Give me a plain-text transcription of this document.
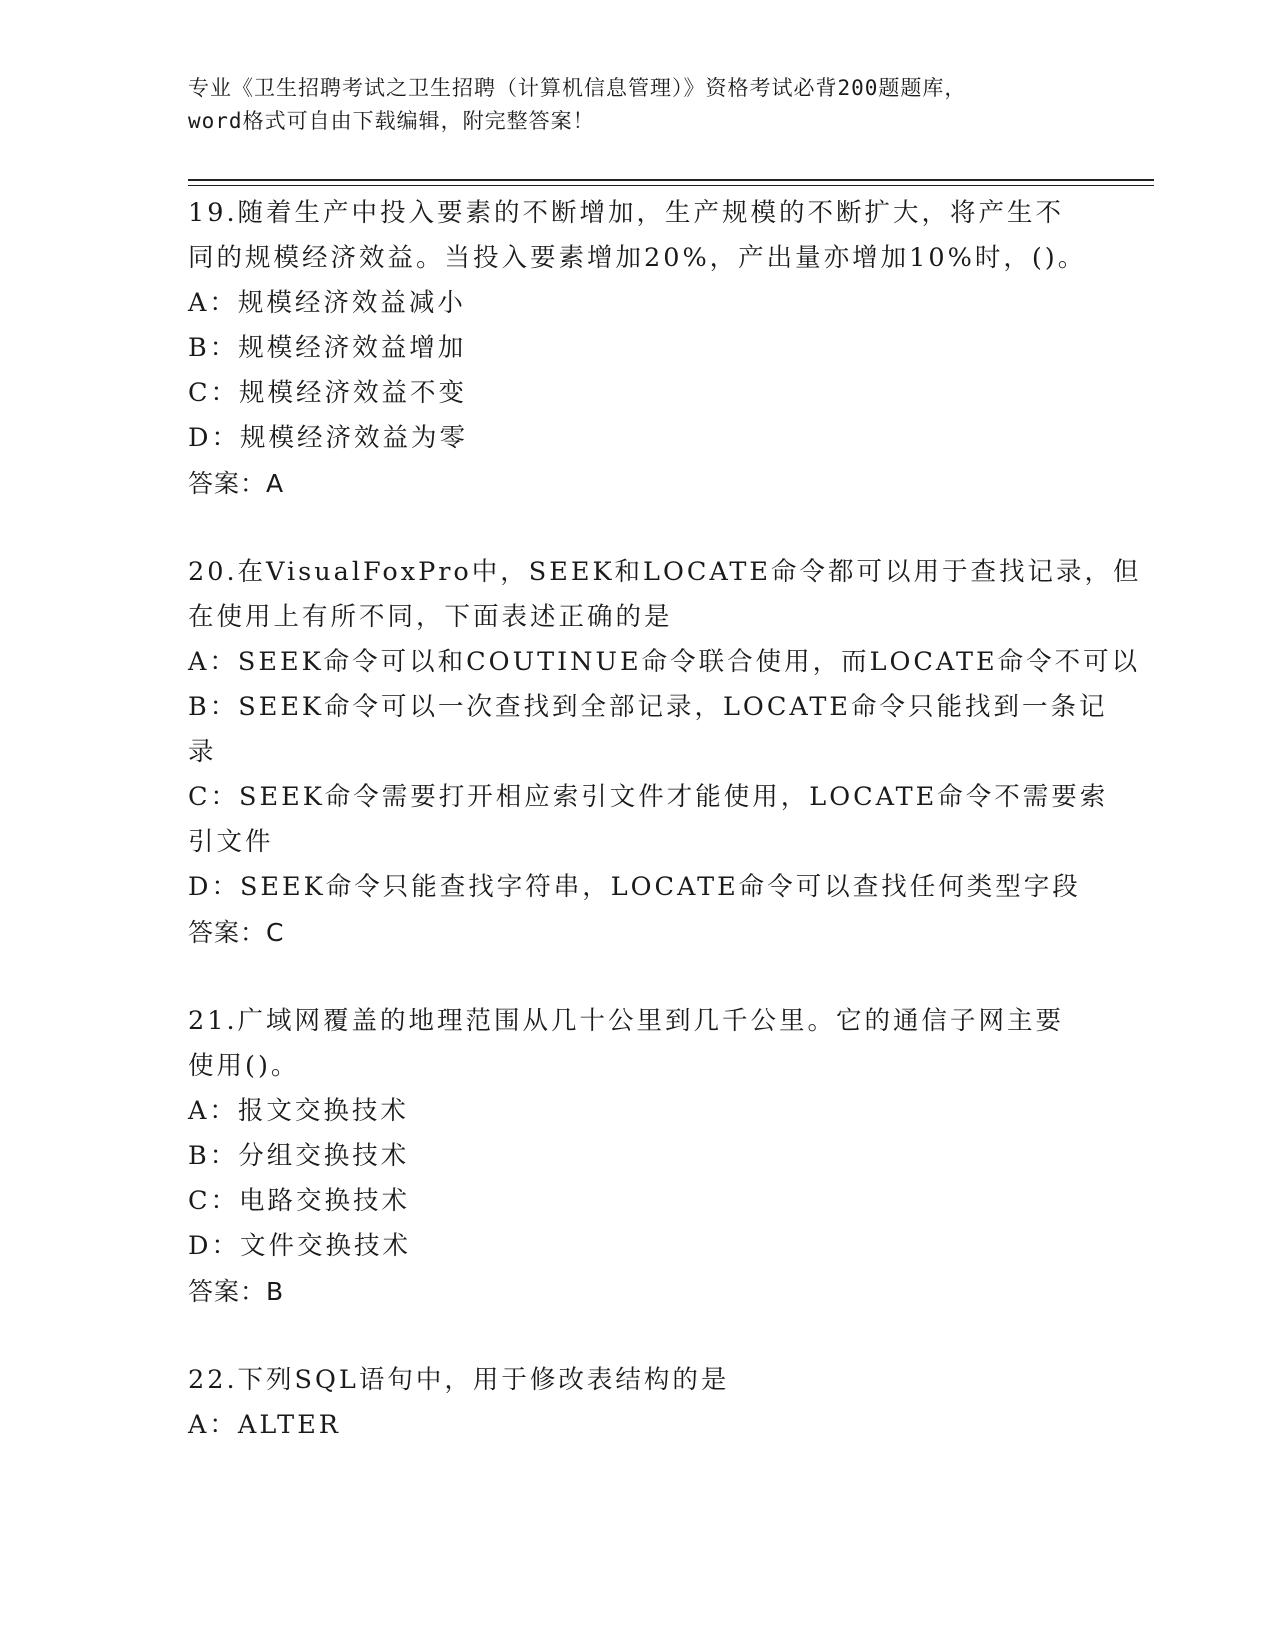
专业《卫生招聘考试之卫生招聘（计算机信息管理）》资格考试必背200题题库，
word格式可自由下载编辑，附完整答案！
19.随着生产中投入要素的不断增加，生产规模的不断扩大，将产生不
同的规模经济效益。当投入要素增加20%，产出量亦增加10%时，()。
A：规模经济效益减小
B：规模经济效益增加
C：规模经济效益不变
D：规模经济效益为零
答案：A
20.在VisualFoxPro中，SEEK和LOCATE命令都可以用于查找记录，但
在使用上有所不同，下面表述正确的是
A：SEEK命令可以和COUTINUE命令联合使用，而LOCATE命令不可以
B：SEEK命令可以一次查找到全部记录，LOCATE命令只能找到一条记
录
C：SEEK命令需要打开相应索引文件才能使用，LOCATE命令不需要索
引文件
D：SEEK命令只能查找字符串，LOCATE命令可以查找任何类型字段
答案：C
21.广域网覆盖的地理范围从几十公里到几千公里。它的通信子网主要
使用()。
A：报文交换技术
B：分组交换技术
C：电路交换技术
D：文件交换技术
答案：B
22.下列SQL语句中，用于修改表结构的是
A：ALTER
